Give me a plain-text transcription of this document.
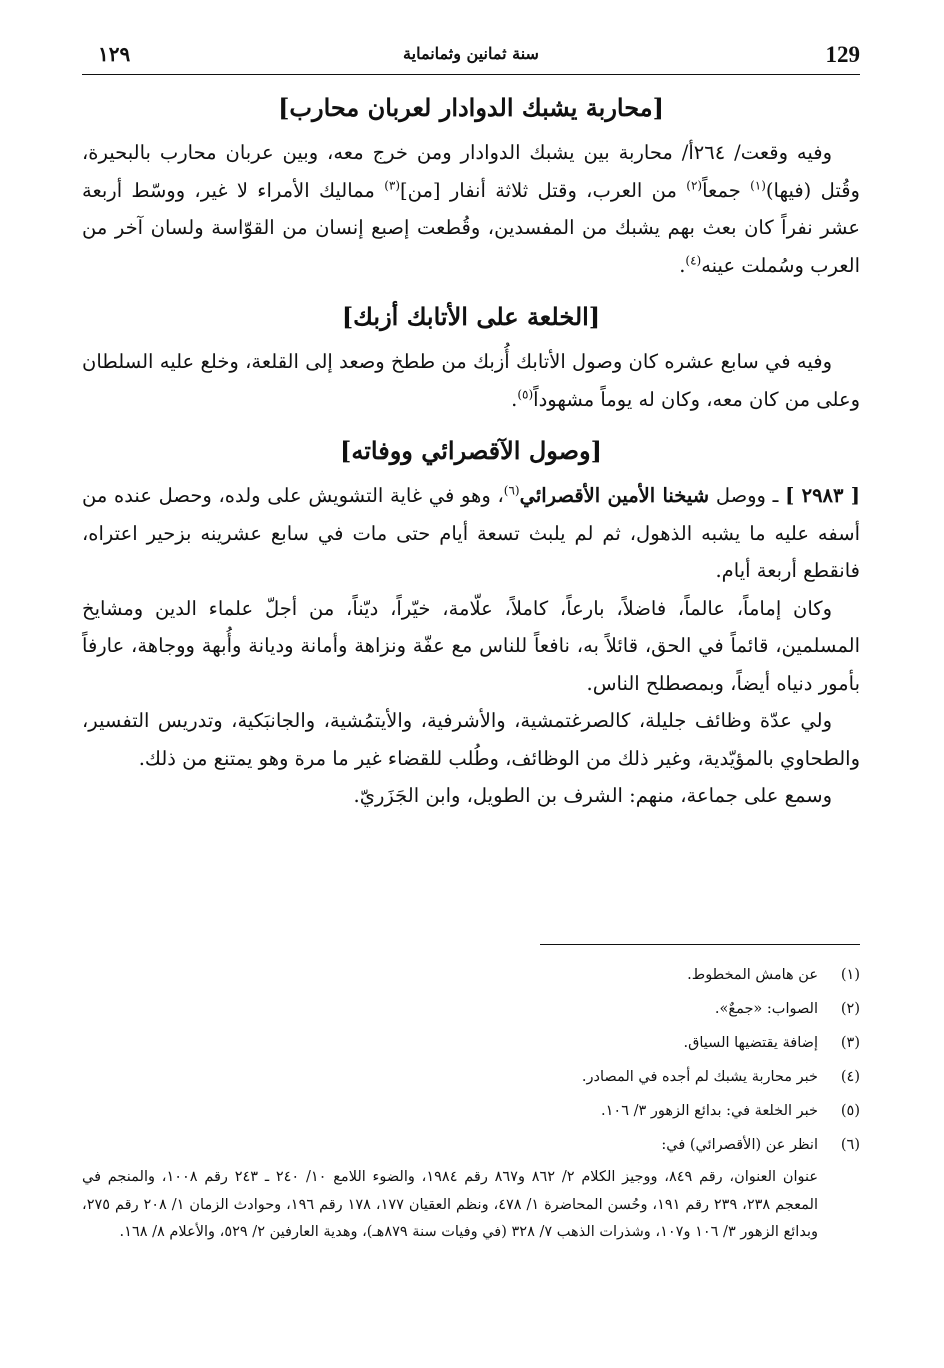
129
سنة ثمانين وثمانماية
١٢٩
[محاربة يشبك الدوادار لعربان محارب]

وفيه وقعت/ ٢٦٤أ/ محاربة بين يشبك الدوادار ومن خرج معه، وبين عربان محارب بالبحيرة، وقُتل (فيها)$^{(١)}$ جمعاً$^{(٢)}$ من العرب، وقتل ثلاثة أنفار [من]$^{(٣)}$ مماليك الأمراء لا غير، ووسّط أربعة عشر نفراً كان بعث بهم يشبك من المفسدين، وقُطعت إصبع إنسان من القوّاسة ولسان آخر من العرب وسُملت عينه$^{(٤)}$.

[الخلعة على الأتابك أزبك]

وفيه في سابع عشره كان وصول الأتابك أُزبك من ططخ وصعد إلى القلعة، وخلع عليه السلطان وعلى من كان معه، وكان له يوماً مشهوداً$^{(٥)}$.

[وصول الآقصرائي ووفاته]

[ ٢٩٨٣ ] ـ ووصل شيخنا الأمين الأقصرائي$^{(٦)}$، وهو في غاية التشويش على ولده، وحصل عنده من أسفه عليه ما يشبه الذهول، ثم لم يلبث تسعة أيام حتى مات في سابع عشرينه بزحير اعتراه، فانقطع أربعة أيام.

وكان إماماً، عالماً، فاضلاً، بارعاً، كاملاً، علّامة، خيّراً، ديّناً، من أجلّ علماء الدين ومشايخ المسلمين، قائماً في الحق، قائلاً به، نافعاً للناس مع عفّة ونزاهة وأمانة وديانة وأُبهة ووجاهة، عارفاً بأمور دنياه أيضاً، وبمصطلح الناس.

ولي عدّة وظائف جليلة، كالصرغتمشية، والأشرفية، والأيتمُشية، والجانبَكية، وتدريس التفسير، والطحاوي بالمؤيّدية، وغير ذلك من الوظائف، وطُلب للقضاء غير ما مرة وهو يمتنع من ذلك.

وسمع على جماعة، منهم: الشرف بن الطويل، وابن الجَزَريّ.

(١)
عن هامش المخطوط.
(٢)
الصواب: «جمعٌ».
(٣)
إضافة يقتضيها السياق.
(٤)
خبر محاربة يشبك لم أجده في المصادر.
(٥)
خبر الخلعة في: بدائع الزهور ٣/ ١٠٦.
(٦)
انظر عن (الأقصرائي) في:
عنوان العنوان، رقم ٨٤٩، ووجيز الكلام ٢/ ٨٦٢ و٨٦٧ رقم ١٩٨٤، والضوء اللامع ١٠/ ٢٤٠ ـ ٢٤٣ رقم ١٠٠٨، والمنجم في المعجم ٢٣٨، ٢٣٩ رقم ١٩١، وحُسن المحاضرة ١/ ٤٧٨، ونظم العقيان ١٧٧، ١٧٨ رقم ١٩٦، وحوادث الزمان ١/ ٢٠٨ رقم ٢٧٥، وبدائع الزهور ٣/ ١٠٦ و١٠٧، وشذرات الذهب ٧/ ٣٢٨ (في وفيات سنة ٨٧٩هـ)، وهدية العارفين ٢/ ٥٢٩، والأعلام ٨/ ١٦٨.
